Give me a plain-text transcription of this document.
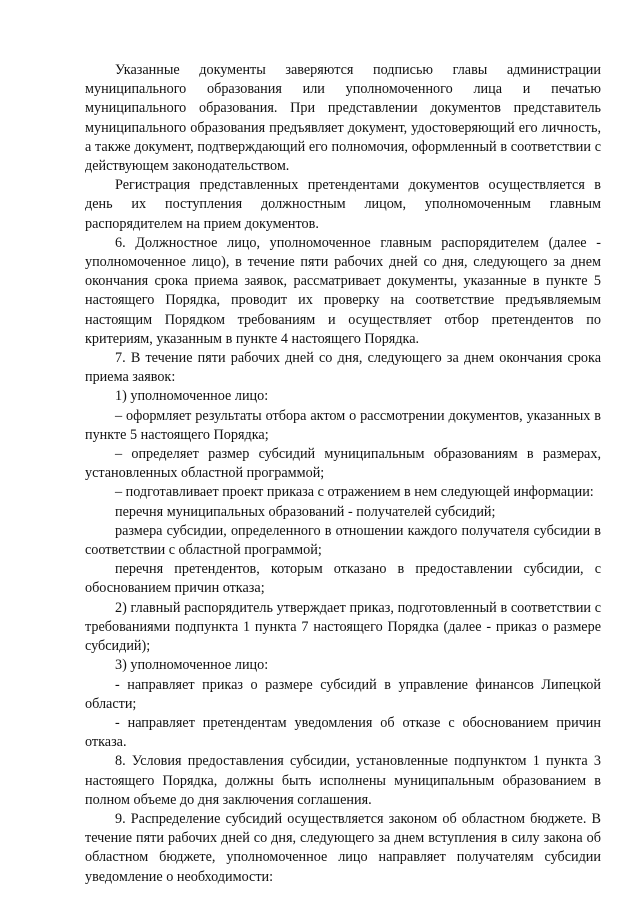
Указанные документы заверяются подписью главы администрации муниципального образования или уполномоченного лица и печатью муниципального образования. При представлении документов представитель муниципального образования предъявляет документ, удостоверяющий его личность, а также документ, подтверждающий его полномочия, оформленный в соответствии с действующем законодательством.

Регистрация представленных претендентами документов осуществляется в день их поступления должностным лицом, уполномоченным главным распорядителем на прием документов.

6. Должностное лицо, уполномоченное главным распорядителем (далее - уполномоченное лицо), в течение пяти рабочих дней со дня, следующего за днем окончания срока приема заявок, рассматривает документы, указанные в пункте 5 настоящего Порядка, проводит их проверку на соответствие предъявляемым настоящим Порядком требованиям и осуществляет отбор претендентов по критериям, указанным в пункте 4 настоящего Порядка.

7. В течение пяти рабочих дней со дня, следующего за днем окончания срока приема заявок:

1) уполномоченное лицо:

– оформляет результаты отбора актом о рассмотрении документов, указанных в пункте 5 настоящего Порядка;

– определяет размер субсидий муниципальным образованиям в размерах, установленных областной программой;

– подготавливает проект приказа с отражением в нем следующей информации:

перечня муниципальных образований - получателей субсидий;

размера субсидии, определенного в отношении каждого получателя субсидии в соответствии с областной программой;

перечня претендентов, которым отказано в предоставлении субсидии, с обоснованием причин отказа;

2) главный распорядитель утверждает приказ, подготовленный в соответствии с требованиями подпункта 1 пункта 7 настоящего Порядка (далее - приказ о размере субсидий);

3) уполномоченное лицо:

- направляет приказ о размере субсидий в управление финансов Липецкой области;

- направляет претендентам уведомления об отказе с обоснованием причин отказа.

8. Условия предоставления субсидии, установленные подпунктом 1 пункта 3 настоящего Порядка, должны быть исполнены муниципальным образованием в полном объеме до дня заключения соглашения.

9. Распределение субсидий осуществляется законом об областном бюджете. В течение пяти рабочих дней со дня, следующего за днем вступления в силу закона об областном бюджете, уполномоченное лицо направляет получателям субсидии уведомление о необходимости:
